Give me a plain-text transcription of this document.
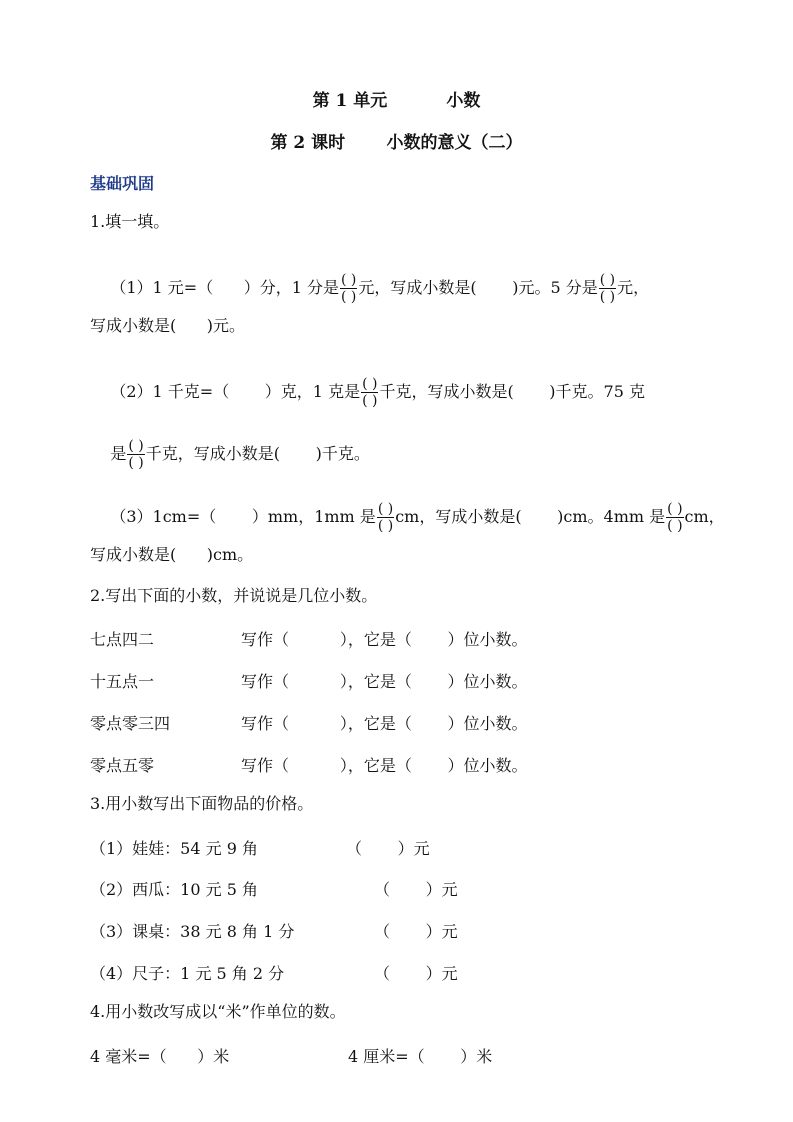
第 1 单元          小数
第 2 课时       小数的意义（二）
基础巩固
1.填一填。

（1）1 元=（      ）分，1 分是 $\frac{( )}{( )}$ 元，写成小数是(       )元。5 分是 $\frac{( )}{( )}$ 元，

写成小数是(      )元。

（2）1 千克=（       ）克，1 克是 $\frac{( )}{( )}$ 千克，写成小数是(       )千克。75 克

是 $\frac{( )}{( )}$ 千克，写成小数是(       )千克。

（3）1cm=（       ）mm，1mm 是 $\frac{( )}{( )}$ cm，写成小数是(       )cm。4mm 是 $\frac{( )}{( )}$ cm，

写成小数是(      )cm。
2.写出下面的小数，并说说是几位小数。
七点四二	写作（          ），它是（       ）位小数。
十五点一	写作（          ），它是（       ）位小数。
零点零三四	写作（          ），它是（       ）位小数。
零点五零	写作（          ），它是（       ）位小数。
3.用小数写出下面物品的价格。
（1）娃娃：54 元 9 角	（       ）元
（2）西瓜：10 元 5 角	（       ）元
（3）课桌：38 元 8 角 1 分	（       ）元
（4）尺子：1 元 5 角 2 分	（       ）元
4.用小数改写成以“米”作单位的数。
4 毫米=（      ）米	4 厘米=（       ）米
